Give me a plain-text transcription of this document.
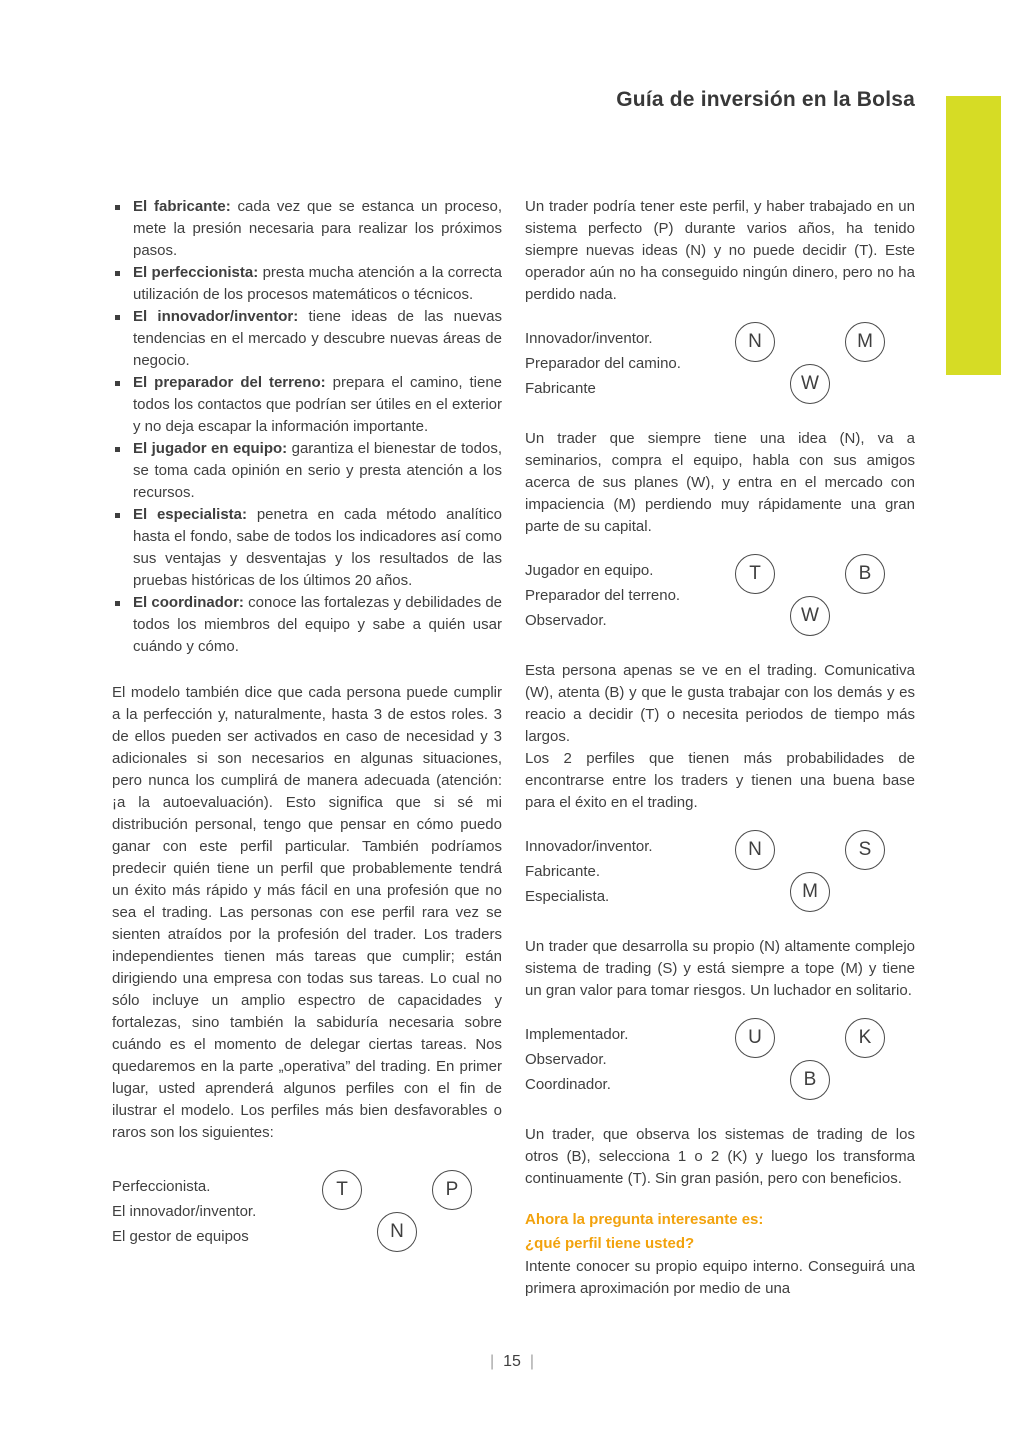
Guía de inversión en la Bolsa
El fabricante: cada vez que se estanca un proceso, mete la presión necesaria para realizar los próximos pasos.
El perfeccionista: presta mucha atención a la correcta utilización de los procesos matemáticos o técnicos.
El innovador/inventor: tiene ideas de las nuevas tendencias en el mercado y descubre nuevas áreas de negocio.
El preparador del terreno: prepara el camino, tiene todos los contactos que podrían ser útiles en el exterior y no deja escapar la información importante.
El jugador en equipo: garantiza el bienestar de todos, se toma cada opinión en serio y presta atención a los recursos.
El especialista: penetra en cada método analítico hasta el fondo, sabe de todos los indicadores así como sus ventajas y desventajas y los resultados de las pruebas históricas de los últimos 20 años.
El coordinador: conoce las fortalezas y debilidades de todos los miembros del equipo y sabe a quién usar cuándo y cómo.

El modelo también dice que cada persona puede cumplir a la perfección y, naturalmente, hasta 3 de estos roles. 3 de ellos pueden ser activados en caso de necesidad y 3 adicionales si son necesarios en algunas situaciones, pero nunca los cumplirá de manera adecuada (atención: ¡a la autoevaluación). Esto significa que si sé mi distribución personal, tengo que pensar en cómo puedo ganar con este perfil particular. También podríamos predecir quién tiene un perfil que probablemente tendrá un éxito más rápido y más fácil en una profesión que no sea el trading. Las personas con ese perfil rara vez se sienten atraídos por la profesión del trader. Los traders independientes tienen más tareas que cumplir; están dirigiendo una empresa con todas sus tareas. Lo cual no sólo incluye un amplio espectro de capacidades y fortalezas, sino también la sabiduría necesaria sobre cuándo es el momento de delegar ciertas tareas. Nos quedaremos en la parte „operativa” del trading. En primer lugar, usted aprenderá algunos perfiles con el fin de ilustrar el modelo. Los perfiles más bien desfavorables o raros son los siguientes:

Perfeccionista.
El innovador/inventor.
El gestor de equipos
T	P
N

Un trader podría tener este perfil, y haber trabajado en un sistema perfecto (P) durante varios años, ha tenido siempre nuevas ideas (N) y no puede decidir (T). Este operador aún no ha conseguido ningún dinero, pero no ha perdido nada.

Innovador/inventor.
Preparador del camino.
Fabricante
N	M
W

Un trader que siempre tiene una idea (N), va a seminarios, compra el equipo, habla con sus amigos acerca de sus planes (W), y entra en el mercado con impaciencia (M) perdiendo muy rápidamente una gran parte de su capital.

Jugador en equipo.
Preparador del terreno.
Observador.
T	B
W

Esta persona apenas se ve en el trading. Comunicativa (W), atenta (B) y que le gusta trabajar con los demás y es reacio a decidir (T) o necesita periodos de tiempo más largos.

Los 2 perfiles que tienen más probabilidades de encontrarse entre los traders y tienen una buena base para el éxito en el trading.

Innovador/inventor.
Fabricante.
Especialista.
N	S
M

Un trader que desarrolla su propio (N) altamente complejo sistema de trading (S) y está siempre a tope (M) y tiene un gran valor para tomar riesgos. Un luchador en solitario.

Implementador.
Observador.
Coordinador.
U	K
B

Un trader, que observa los sistemas de trading de los otros (B), selecciona 1 o 2 (K) y luego los transforma continuamente (T). Sin gran pasión, pero con beneficios.

Ahora la pregunta interesante es:
¿qué perfil tiene usted?

Intente conocer su propio equipo interno. Conseguirá una primera aproximación por medio de una

| 15 |
